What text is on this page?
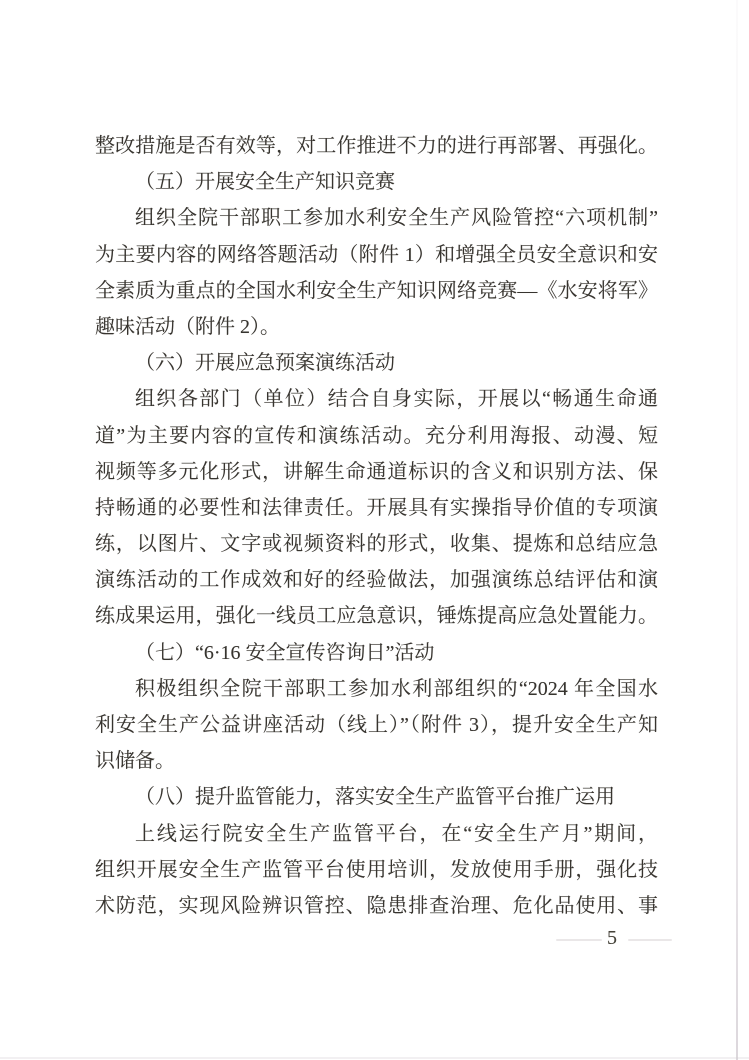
整改措施是否有效等，对工作推进不力的进行再部署、再强化。
（五）开展安全生产知识竞赛
组织全院干部职工参加水利安全生产风险管控“六项机制”
为主要内容的网络答题活动（附件 1）和增强全员安全意识和安
全素质为重点的全国水利安全生产知识网络竞赛—《水安将军》
趣味活动（附件 2）。
（六）开展应急预案演练活动
组织各部门（单位）结合自身实际，开展以“畅通生命通
道”为主要内容的宣传和演练活动。充分利用海报、动漫、短
视频等多元化形式，讲解生命通道标识的含义和识别方法、保
持畅通的必要性和法律责任。开展具有实操指导价值的专项演
练，以图片、文字或视频资料的形式，收集、提炼和总结应急
演练活动的工作成效和好的经验做法，加强演练总结评估和演
练成果运用，强化一线员工应急意识，锤炼提高应急处置能力。
（七）“6·16 安全宣传咨询日”活动
积极组织全院干部职工参加水利部组织的“2024 年全国水
利安全生产公益讲座活动（线上）”（附件 3），提升安全生产知
识储备。
（八）提升监管能力，落实安全生产监管平台推广运用
上线运行院安全生产监管平台，在“安全生产月”期间，
组织开展安全生产监管平台使用培训，发放使用手册，强化技
术防范，实现风险辨识管控、隐患排查治理、危化品使用、事
5
